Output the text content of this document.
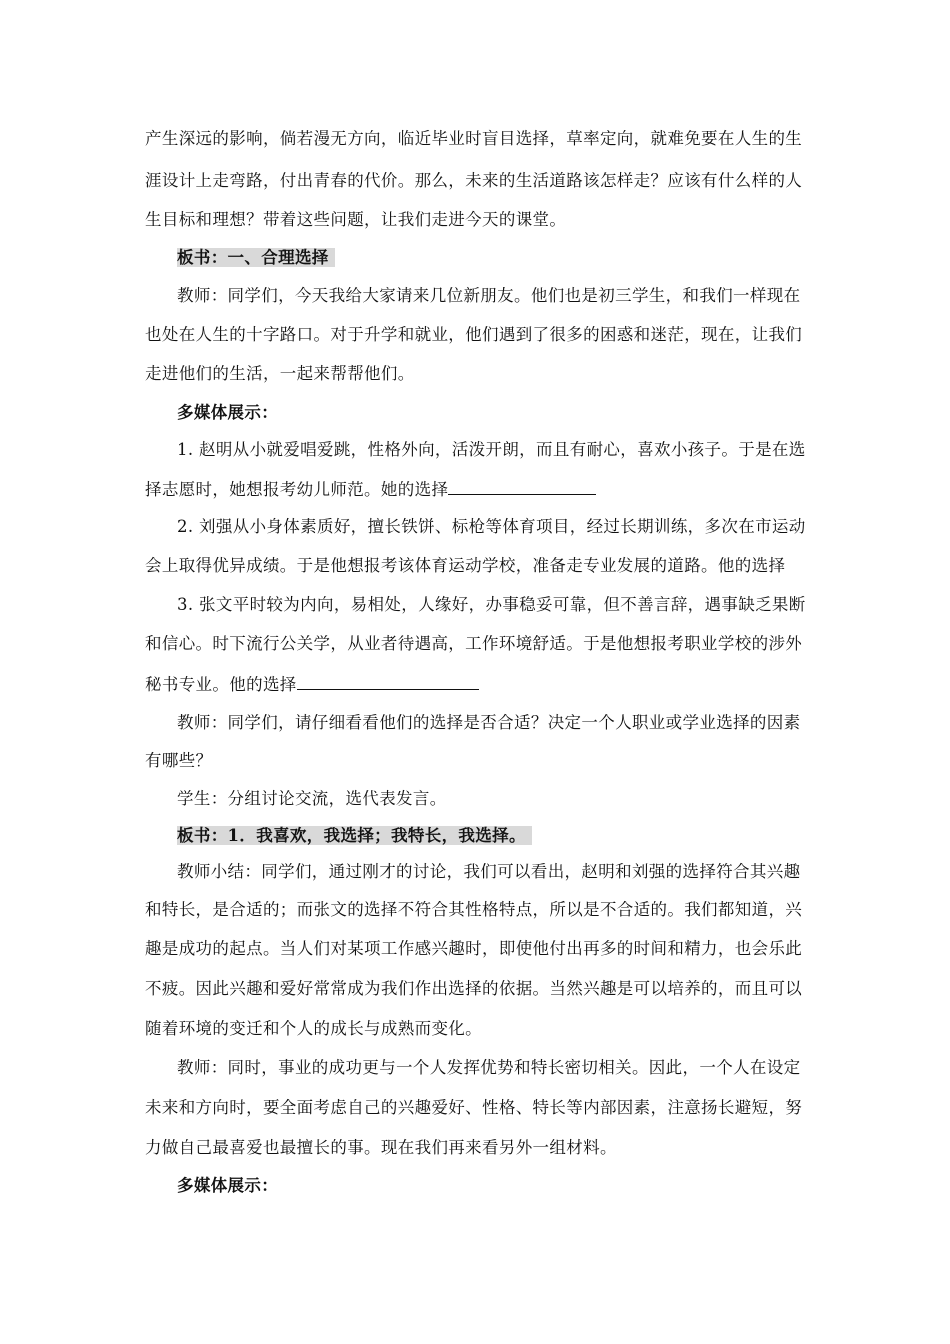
产生深远的影响，倘若漫无方向，临近毕业时盲目选择，草率定向，就难免要在人生的生
涯设计上走弯路，付出青春的代价。那么，未来的生活道路该怎样走？应该有什么样的人
生目标和理想？带着这些问题，让我们走进今天的课堂。
板书：一、合理选择
教师：同学们，今天我给大家请来几位新朋友。他们也是初三学生，和我们一样现在
也处在人生的十字路口。对于升学和就业，他们遇到了很多的困惑和迷茫，现在，让我们
走进他们的生活，一起来帮帮他们。
多媒体展示：
1. 赵明从小就爱唱爱跳，性格外向，活泼开朗，而且有耐心，喜欢小孩子。于是在选
择志愿时，她想报考幼儿师范。她的选择
2. 刘强从小身体素质好，擅长铁饼、标枪等体育项目，经过长期训练，多次在市运动
会上取得优异成绩。于是他想报考该体育运动学校，准备走专业发展的道路。他的选择
3. 张文平时较为内向，易相处，人缘好，办事稳妥可靠，但不善言辞，遇事缺乏果断
和信心。时下流行公关学，从业者待遇高，工作环境舒适。于是他想报考职业学校的涉外
秘书专业。他的选择
教师：同学们，请仔细看看他们的选择是否合适？决定一个人职业或学业选择的因素
有哪些？
学生：分组讨论交流，选代表发言。
板书：1．我喜欢，我选择；我特长，我选择。
教师小结：同学们，通过刚才的讨论，我们可以看出，赵明和刘强的选择符合其兴趣
和特长，是合适的；而张文的选择不符合其性格特点，所以是不合适的。我们都知道，兴
趣是成功的起点。当人们对某项工作感兴趣时，即使他付出再多的时间和精力，也会乐此
不疲。因此兴趣和爱好常常成为我们作出选择的依据。当然兴趣是可以培养的，而且可以
随着环境的变迁和个人的成长与成熟而变化。
教师：同时，事业的成功更与一个人发挥优势和特长密切相关。因此，一个人在设定
未来和方向时，要全面考虑自己的兴趣爱好、性格、特长等内部因素，注意扬长避短，努
力做自己最喜爱也最擅长的事。现在我们再来看另外一组材料。
多媒体展示：
